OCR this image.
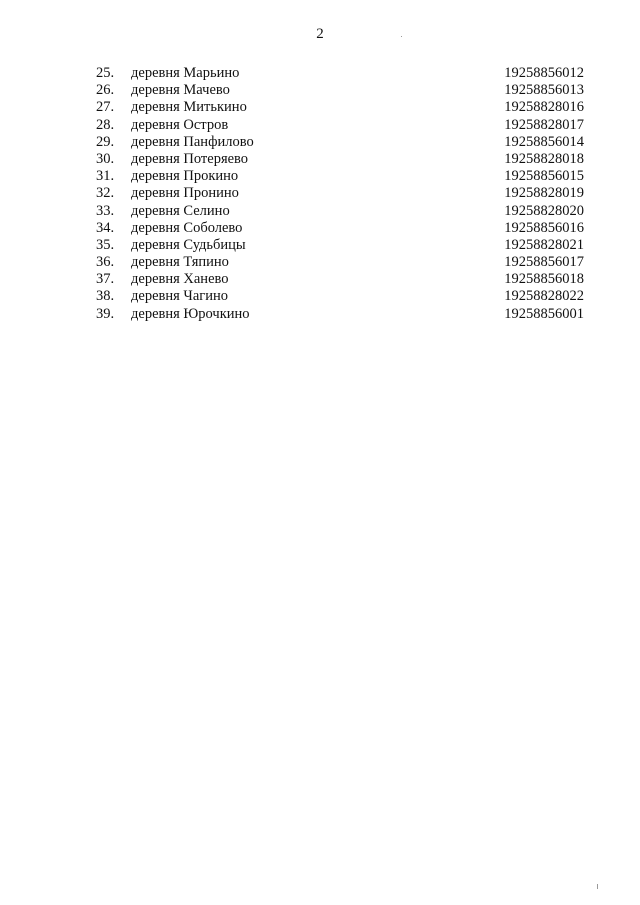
2
25.	деревня Марьино	19258856012
26.	деревня Мачево	19258856013
27.	деревня Митькино	19258828016
28.	деревня Остров	19258828017
29.	деревня Панфилово	19258856014
30.	деревня Потеряево	19258828018
31.	деревня Прокино	19258856015
32.	деревня Пронино	19258828019
33.	деревня Селино	19258828020
34.	деревня Соболево	19258856016
35.	деревня Судьбицы	19258828021
36.	деревня Тяпино	19258856017
37.	деревня Ханево	19258856018
38.	деревня Чагино	19258828022
39.	деревня Юрочкино	19258856001
